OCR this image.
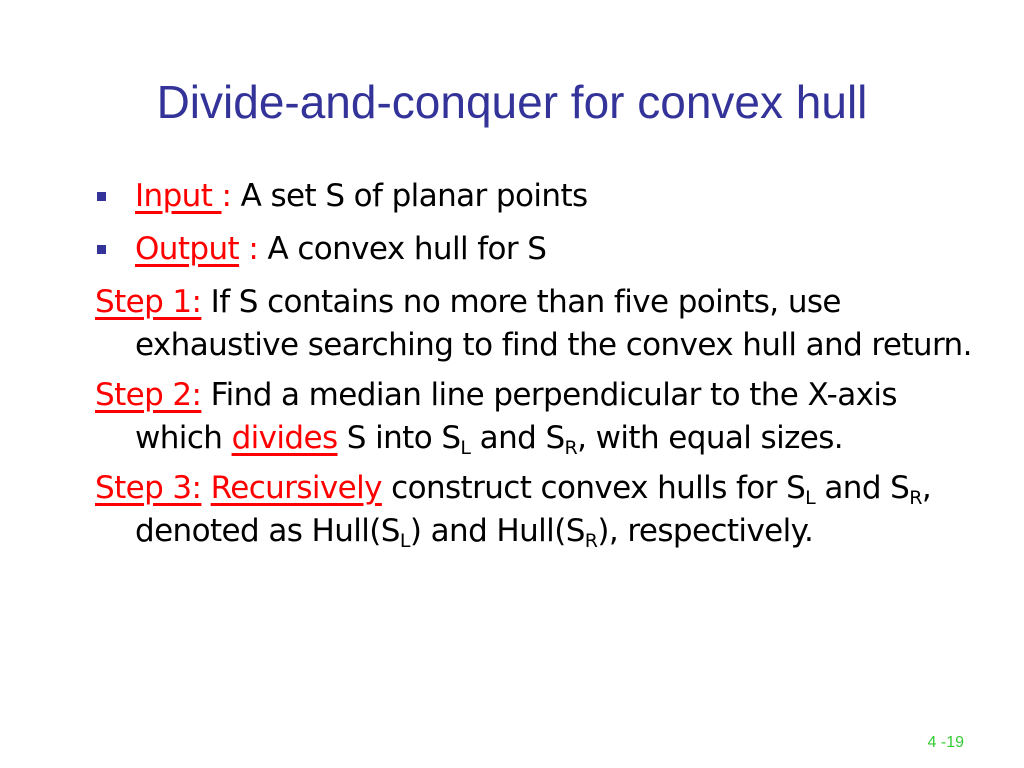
Divide-and-conquer for convex hull
Input : A set S of planar points
Output : A convex hull for S
Step 1: If S contains no more than five points, use exhaustive searching to find the convex hull and return.
Step 2: Find a median line perpendicular to the X-axis which divides S into $S_L$ and $S_R$, with equal sizes.
Step 3: Recursively construct convex hulls for $S_L$ and $S_R$, denoted as $Hull(S_L)$ and $Hull(S_R)$, respectively.
4 -19
